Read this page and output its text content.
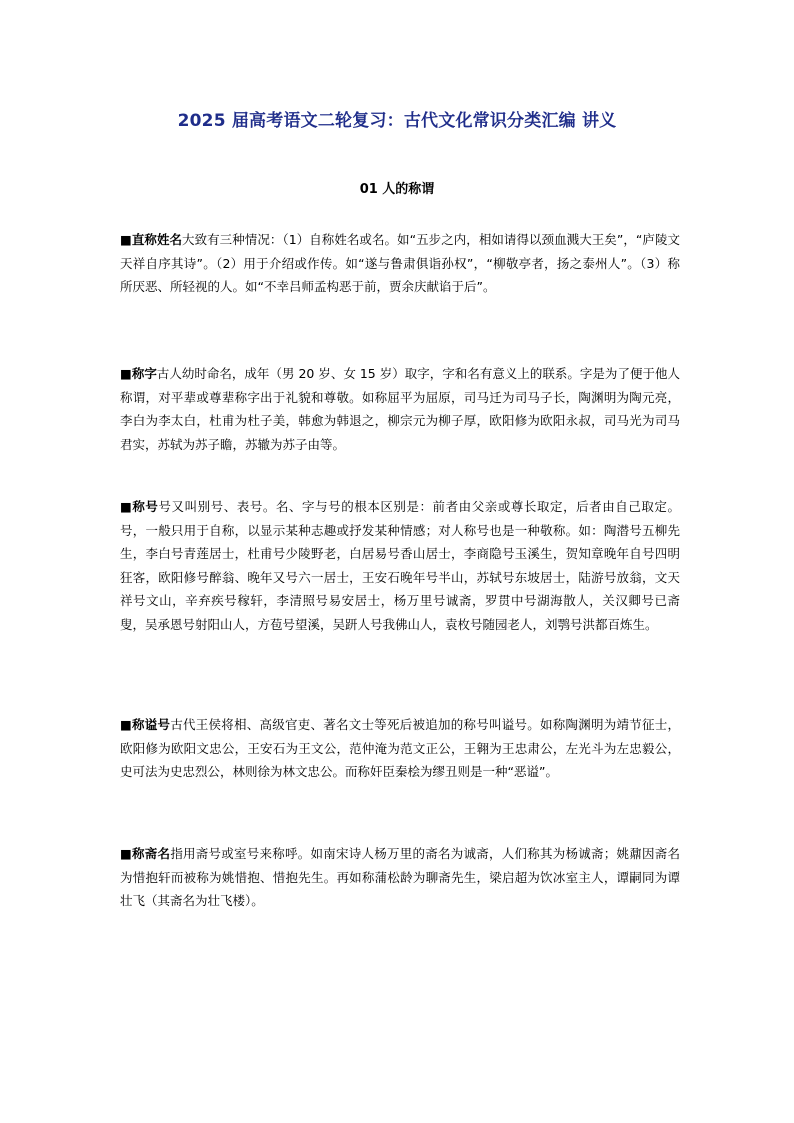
2025 届高考语文二轮复习：古代文化常识分类汇编 讲义
01 人的称谓
■直称姓名大致有三种情况：（1）自称姓名或名。如“五步之内，相如请得以颈血溅大王矣”，“庐陵文天祥自序其诗”。（2）用于介绍或作传。如“遂与鲁肃俱诣孙权”，“柳敬亭者，扬之泰州人”。（3）称所厌恶、所轻视的人。如“不幸吕师孟构恶于前，贾余庆献谄于后”。
■称字古人幼时命名，成年（男 20 岁、女 15 岁）取字，字和名有意义上的联系。字是为了便于他人称谓，对平辈或尊辈称字出于礼貌和尊敬。如称屈平为屈原，司马迁为司马子长，陶渊明为陶元亮，李白为李太白，杜甫为杜子美，韩愈为韩退之，柳宗元为柳子厚，欧阳修为欧阳永叔，司马光为司马君实，苏轼为苏子瞻，苏辙为苏子由等。
■称号号又叫别号、表号。名、字与号的根本区别是：前者由父亲或尊长取定，后者由自己取定。号，一般只用于自称，以显示某种志趣或抒发某种情感；对人称号也是一种敬称。如：陶潜号五柳先生，李白号青莲居士，杜甫号少陵野老，白居易号香山居士，李商隐号玉溪生，贺知章晚年自号四明狂客，欧阳修号醉翁、晚年又号六一居士，王安石晚年号半山，苏轼号东坡居士，陆游号放翁，文天祥号文山，辛弃疾号稼轩，李清照号易安居士，杨万里号诚斋，罗贯中号湖海散人，关汉卿号已斋叟，吴承恩号射阳山人，方苞号望溪，吴趼人号我佛山人，袁枚号随园老人，刘鹗号洪都百炼生。
■称谥号古代王侯将相、高级官吏、著名文士等死后被追加的称号叫谥号。如称陶渊明为靖节征士，欧阳修为欧阳文忠公，王安石为王文公，范仲淹为范文正公，王翱为王忠肃公，左光斗为左忠毅公，史可法为史忠烈公，林则徐为林文忠公。而称奸臣秦桧为缪丑则是一种“恶谥”。
■称斋名指用斋号或室号来称呼。如南宋诗人杨万里的斋名为诚斋，人们称其为杨诚斋；姚鼐因斋名为惜抱轩而被称为姚惜抱、惜抱先生。再如称蒲松龄为聊斋先生，梁启超为饮冰室主人，谭嗣同为谭壮飞（其斋名为壮飞楼）。
